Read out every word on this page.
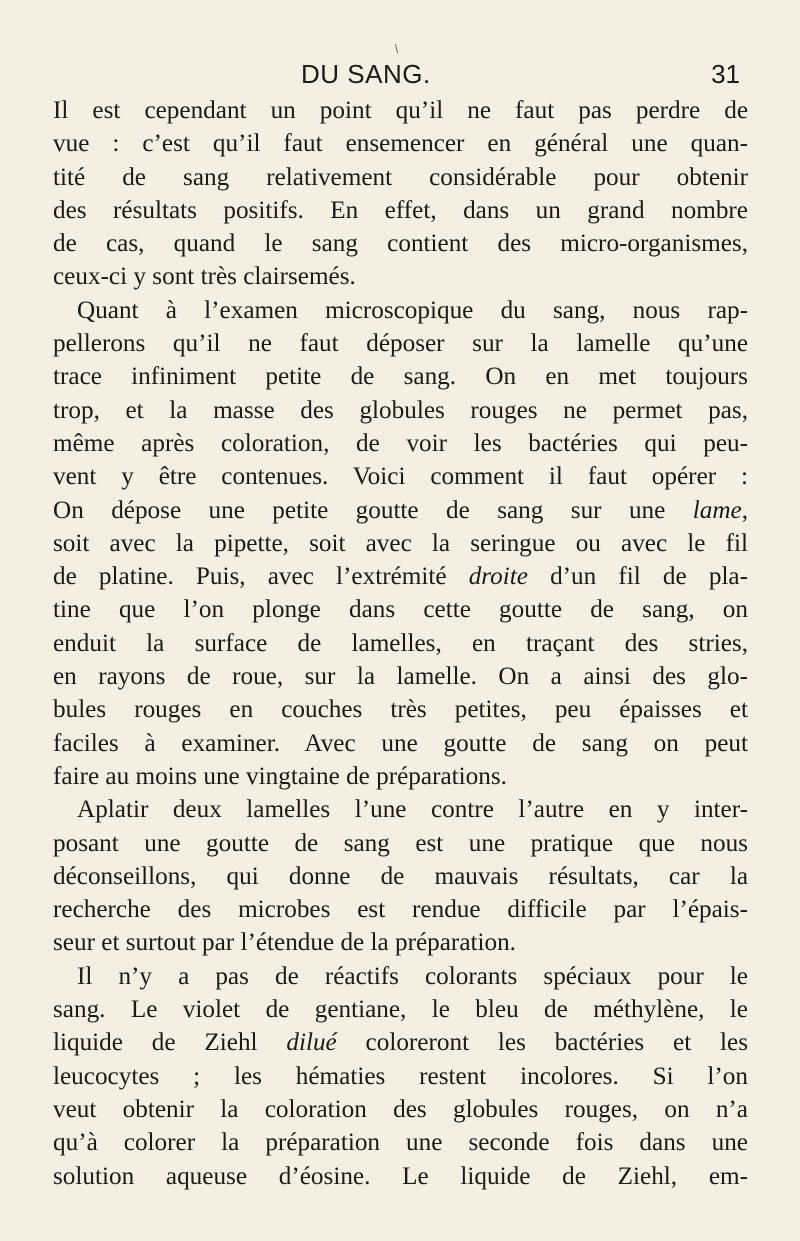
DU SANG.	31
Il est cependant un point qu’il ne faut pas perdre de
vue : c’est qu’il faut ensemencer en général une quan-
tité de sang relativement considérable pour obtenir
des résultats positifs. En effet, dans un grand nombre
de cas, quand le sang contient des micro-organismes,
ceux-ci y sont très clairsemés.
Quant à l’examen microscopique du sang, nous rap-
pellerons qu’il ne faut déposer sur la lamelle qu’une
trace infiniment petite de sang. On en met toujours
trop, et la masse des globules rouges ne permet pas,
même après coloration, de voir les bactéries qui peu-
vent y être contenues. Voici comment il faut opérer :
On dépose une petite goutte de sang sur une lame,
soit avec la pipette, soit avec la seringue ou avec le fil
de platine. Puis, avec l’extrémité droite d’un fil de pla-
tine que l’on plonge dans cette goutte de sang, on
enduit la surface de lamelles, en traçant des stries,
en rayons de roue, sur la lamelle. On a ainsi des glo-
bules rouges en couches très petites, peu épaisses et
faciles à examiner. Avec une goutte de sang on peut
faire au moins une vingtaine de préparations.
Aplatir deux lamelles l’une contre l’autre en y inter-
posant une goutte de sang est une pratique que nous
déconseillons, qui donne de mauvais résultats, car la
recherche des microbes est rendue difficile par l’épais-
seur et surtout par l’étendue de la préparation.
Il n’y a pas de réactifs colorants spéciaux pour le
sang. Le violet de gentiane, le bleu de méthylène, le
liquide de Ziehl dilué coloreront les bactéries et les
leucocytes ; les hématies restent incolores. Si l’on
veut obtenir la coloration des globules rouges, on n’a
qu’à colorer la préparation une seconde fois dans une
solution aqueuse d’éosine. Le liquide de Ziehl, em-
